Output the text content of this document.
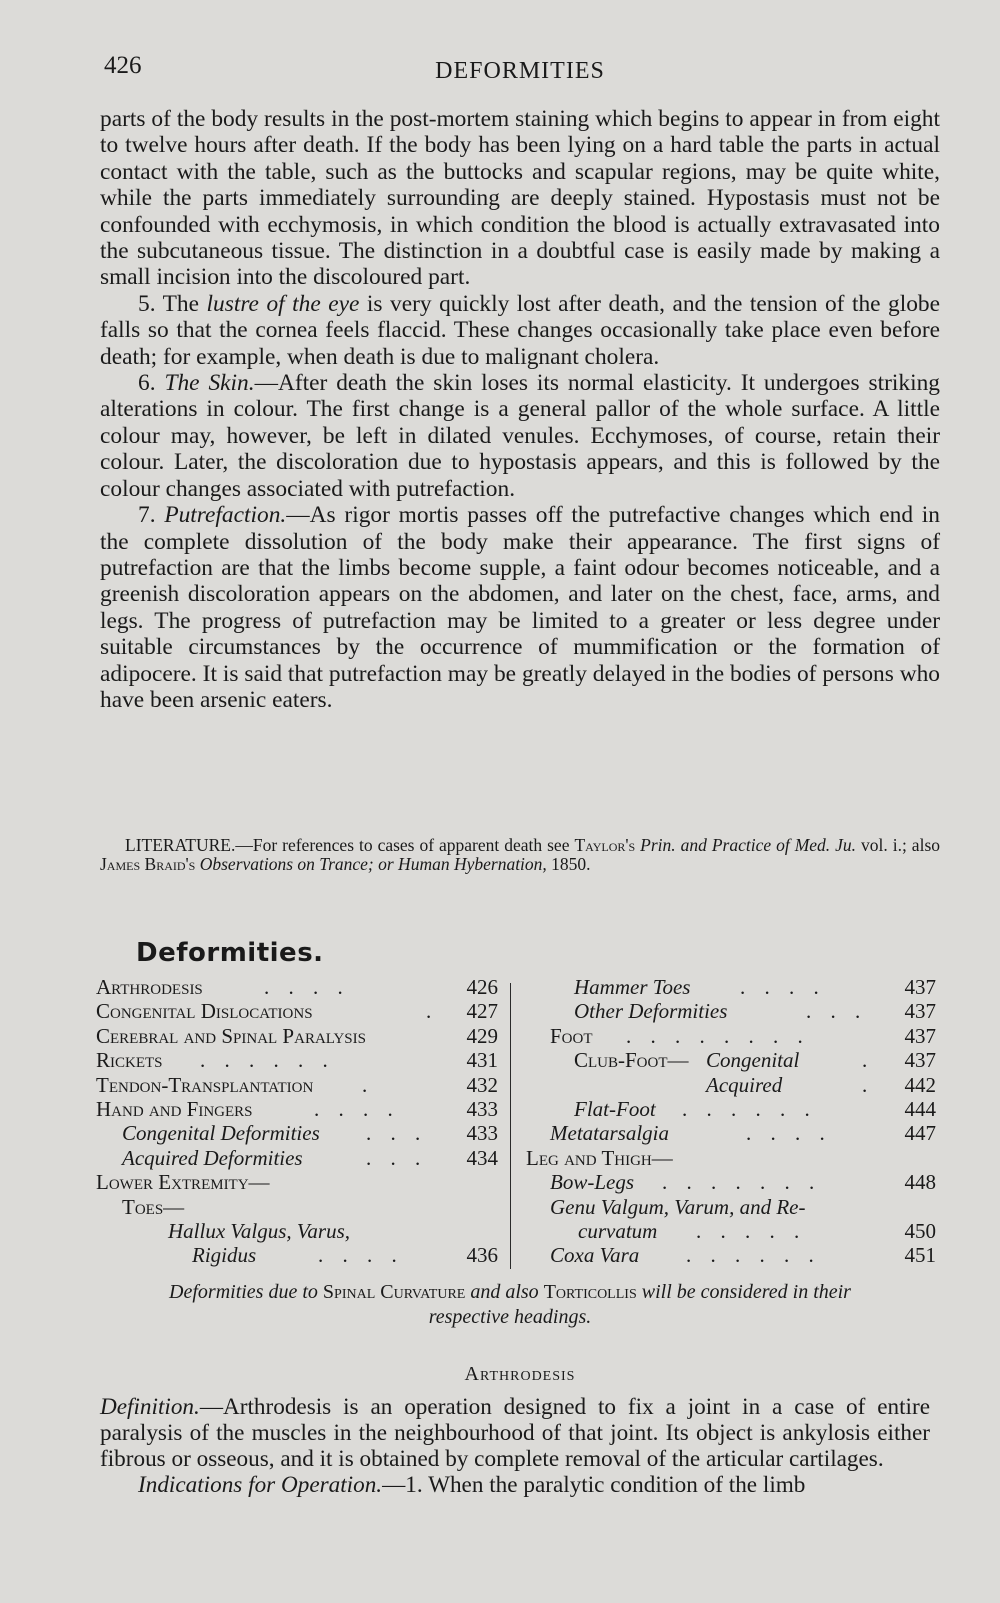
426	DEFORMITIES

parts of the body results in the post-mortem staining which begins to appear in from eight to twelve hours after death. If the body has been lying on a hard table the parts in actual contact with the table, such as the buttocks and scapular regions, may be quite white, while the parts immediately surrounding are deeply stained. Hypostasis must not be confounded with ecchymosis, in which condition the blood is actually extravasated into the subcutaneous tissue. The distinction in a doubtful case is easily made by making a small incision into the discoloured part.

5. The lustre of the eye is very quickly lost after death, and the tension of the globe falls so that the cornea feels flaccid. These changes occasionally take place even before death; for example, when death is due to malignant cholera.

6. The Skin.—After death the skin loses its normal elasticity. It undergoes striking alterations in colour. The first change is a general pallor of the whole surface. A little colour may, however, be left in dilated venules. Ecchymoses, of course, retain their colour. Later, the discoloration due to hypostasis appears, and this is followed by the colour changes associated with putrefaction.

7. Putrefaction.—As rigor mortis passes off the putrefactive changes which end in the complete dissolution of the body make their appearance. The first signs of putrefaction are that the limbs become supple, a faint odour becomes noticeable, and a greenish discoloration appears on the abdomen, and later on the chest, face, arms, and legs. The progress of putrefaction may be limited to a greater or less degree under suitable circumstances by the occurrence of mummification or the formation of adipocere. It is said that putrefaction may be greatly delayed in the bodies of persons who have been arsenic eaters.

LITERATURE.—For references to cases of apparent death see Taylor's Prin. and Practice of Med. Ju. vol. i.; also James Braid's Observations on Trance; or Human Hybernation, 1850.
Deformities.
Arthrodesis	. . . .	426
Congenital Dislocations	.	427
Cerebral and Spinal Paralysis	429
Rickets . . . . . .	431
Tendon-Transplantation .	432
Hand and Fingers	. . . .	433
Congenital Deformities . . .	433
Acquired Deformities	. . .	434
Lower Extremity—
Toes—
Hallux Valgus, Varus,
Rigidus	. . . .	436
Hammer Toes . . . .	437
Other Deformities	. . .	437
Foot . . . . . . . .	437
Club-Foot— Congenital	.	437
Acquired	.	442
Flat-Foot . . . . . .	444
Metatarsalgia	. . . .	447
Leg and Thigh—
Bow-Legs . . . . . . .	448
Genu Valgum, Varum, and Re-
curvatum . . . . .	450
Coxa Vara . . . . . .	451
Deformities due to Spinal Curvature and also Torticollis will be considered in their respective headings.
Arthrodesis

Definition.—Arthrodesis is an operation designed to fix a joint in a case of entire paralysis of the muscles in the neighbourhood of that joint. Its object is ankylosis either fibrous or osseous, and it is obtained by complete removal of the articular cartilages.

Indications for Operation.—1. When the paralytic condition of the limb
